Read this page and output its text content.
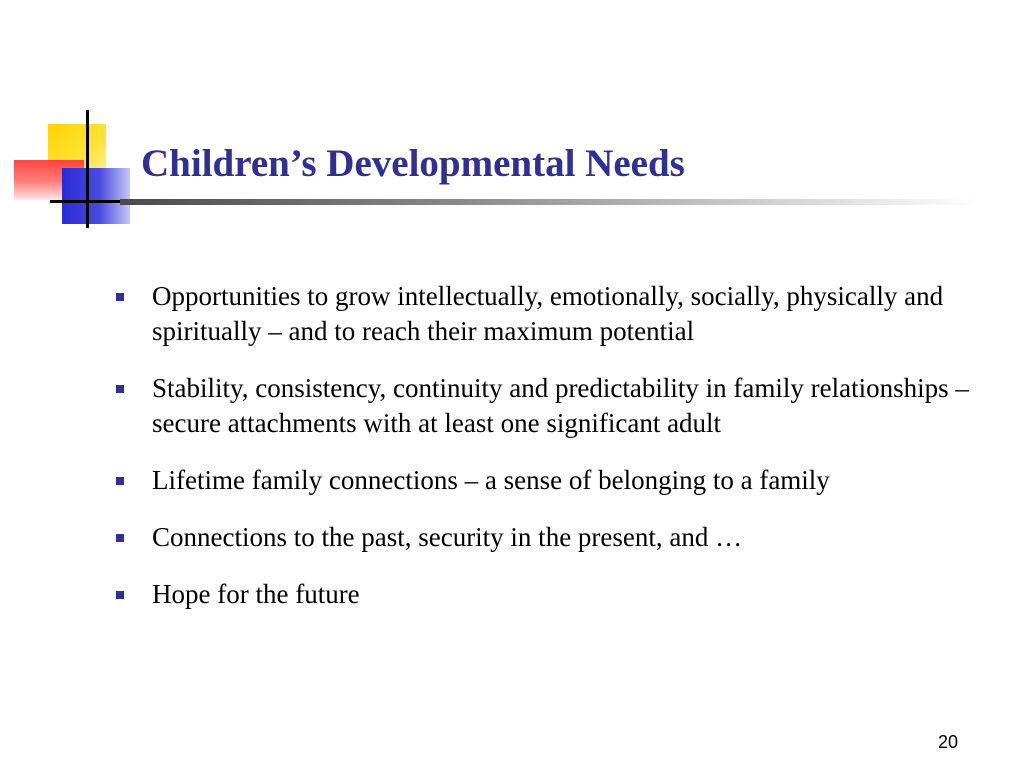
Children’s Developmental Needs
Opportunities to grow intellectually, emotionally, socially, physically and spiritually – and to reach their maximum potential
Stability, consistency, continuity and predictability in family relationships – secure attachments with at least one significant adult
Lifetime family connections – a sense of belonging to a family
Connections to the past, security in the present, and …
Hope for the future
20
